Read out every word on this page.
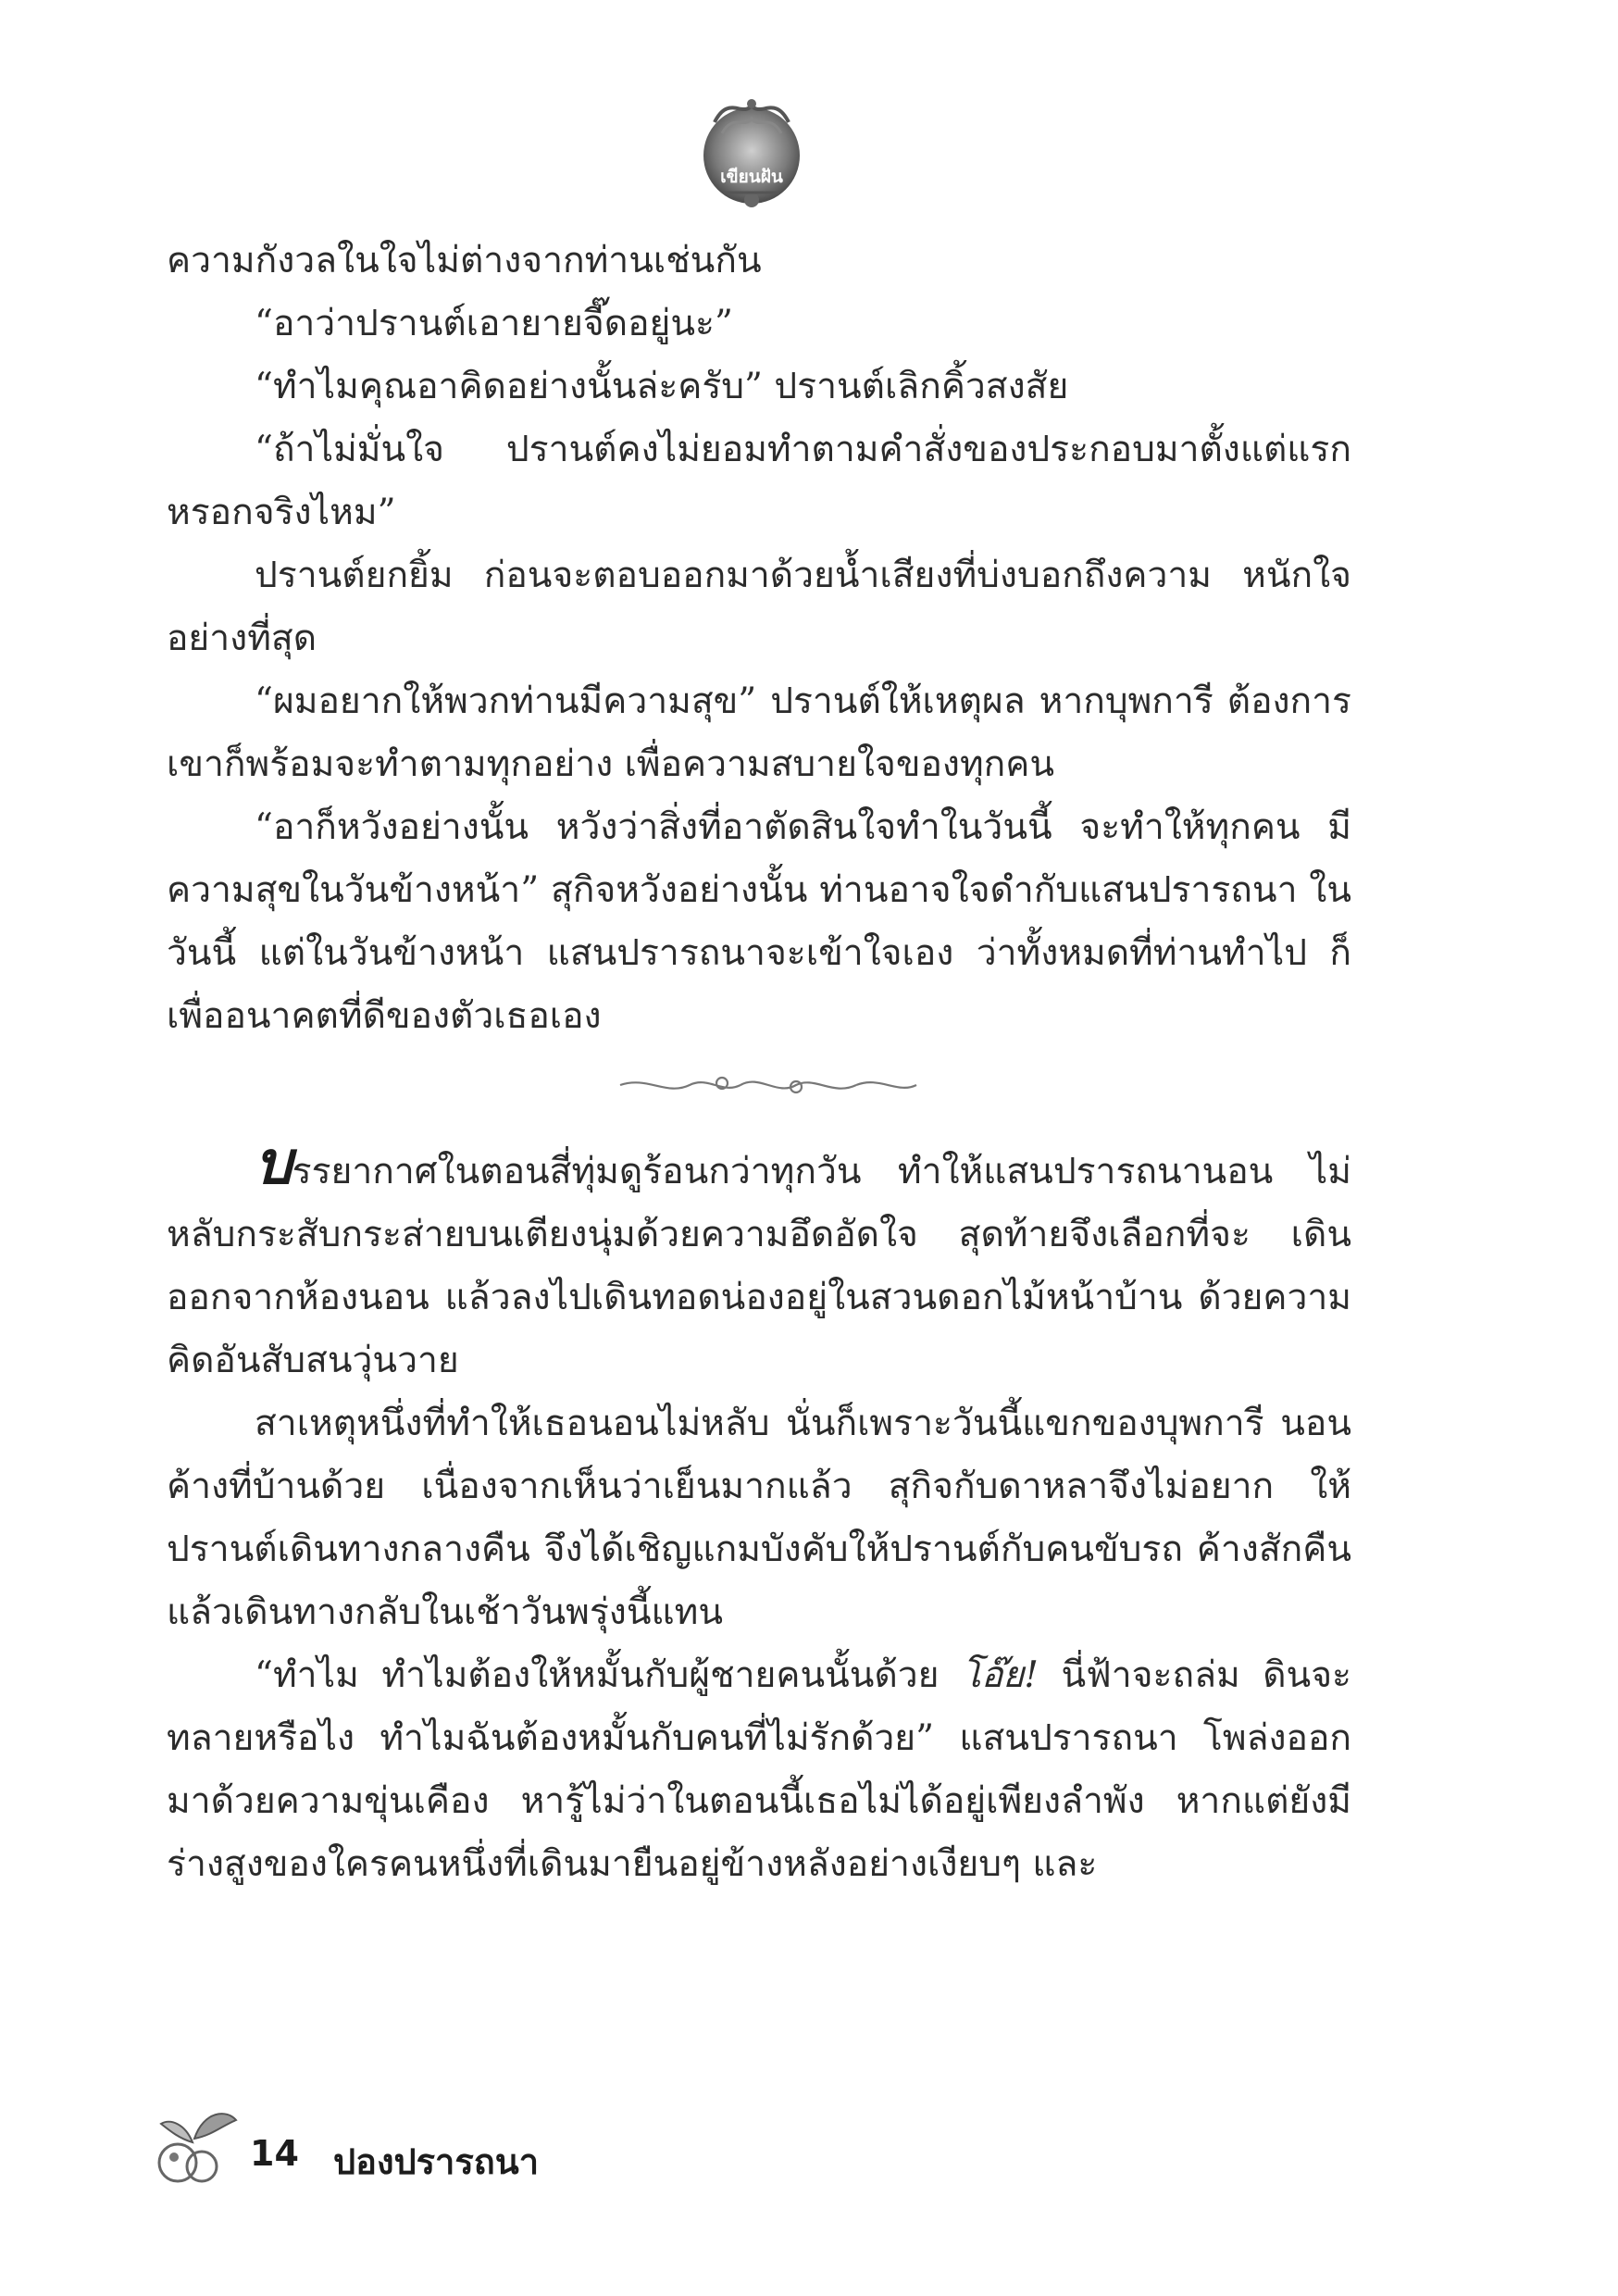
เขียนฝัน

ความกังวลในใจไม่ต่างจากท่านเช่นกัน

“อาว่าปรานต์เอายายจี๊ดอยู่นะ”

“ทำไมคุณอาคิดอย่างนั้นล่ะครับ” ปรานต์เลิกคิ้วสงสัย

“ถ้าไม่มั่นใจ ปรานต์คงไม่ยอมทำตามคำสั่งของประกอบมาตั้งแต่แรก หรอกจริงไหม”

ปรานต์ยกยิ้ม ก่อนจะตอบออกมาด้วยน้ำเสียงที่บ่งบอกถึงความ หนักใจอย่างที่สุด

“ผมอยากให้พวกท่านมีความสุข” ปรานต์ให้เหตุผล หากบุพการี ต้องการ เขาก็พร้อมจะทำตามทุกอย่าง เพื่อความสบายใจของทุกคน

“อาก็หวังอย่างนั้น หวังว่าสิ่งที่อาตัดสินใจทำในวันนี้ จะทำให้ทุกคน มีความสุขในวันข้างหน้า” สุกิจหวังอย่างนั้น ท่านอาจใจดำกับแสนปรารถนา ในวันนี้ แต่ในวันข้างหน้า แสนปรารถนาจะเข้าใจเอง ว่าทั้งหมดที่ท่านทำไป ก็เพื่ออนาคตที่ดีของตัวเธอเอง

บรรยากาศในตอนสี่ทุ่มดูร้อนกว่าทุกวัน ทำให้แสนปรารถนานอน ไม่หลับกระสับกระส่ายบนเตียงนุ่มด้วยความอึดอัดใจ สุดท้ายจึงเลือกที่จะ เดินออกจากห้องนอน แล้วลงไปเดินทอดน่องอยู่ในสวนดอกไม้หน้าบ้าน ด้วยความคิดอันสับสนวุ่นวาย

สาเหตุหนึ่งที่ทำให้เธอนอนไม่หลับ นั่นก็เพราะวันนี้แขกของบุพการี นอนค้างที่บ้านด้วย เนื่องจากเห็นว่าเย็นมากแล้ว สุกิจกับดาหลาจึงไม่อยาก ให้ปรานต์เดินทางกลางคืน จึงได้เชิญแกมบังคับให้ปรานต์กับคนขับรถ ค้างสักคืนแล้วเดินทางกลับในเช้าวันพรุ่งนี้แทน

“ทำไม ทำไมต้องให้หมั้นกับผู้ชายคนนั้นด้วย โอ๊ย! นี่ฟ้าจะถล่ม ดินจะทลายหรือไง ทำไมฉันต้องหมั้นกับคนที่ไม่รักด้วย” แสนปรารถนา โพล่งออกมาด้วยความขุ่นเคือง หารู้ไม่ว่าในตอนนี้เธอไม่ได้อยู่เพียงลำพัง หากแต่ยังมีร่างสูงของใครคนหนึ่งที่เดินมายืนอยู่ข้างหลังอย่างเงียบๆ และ

14 ปองปรารถนา
